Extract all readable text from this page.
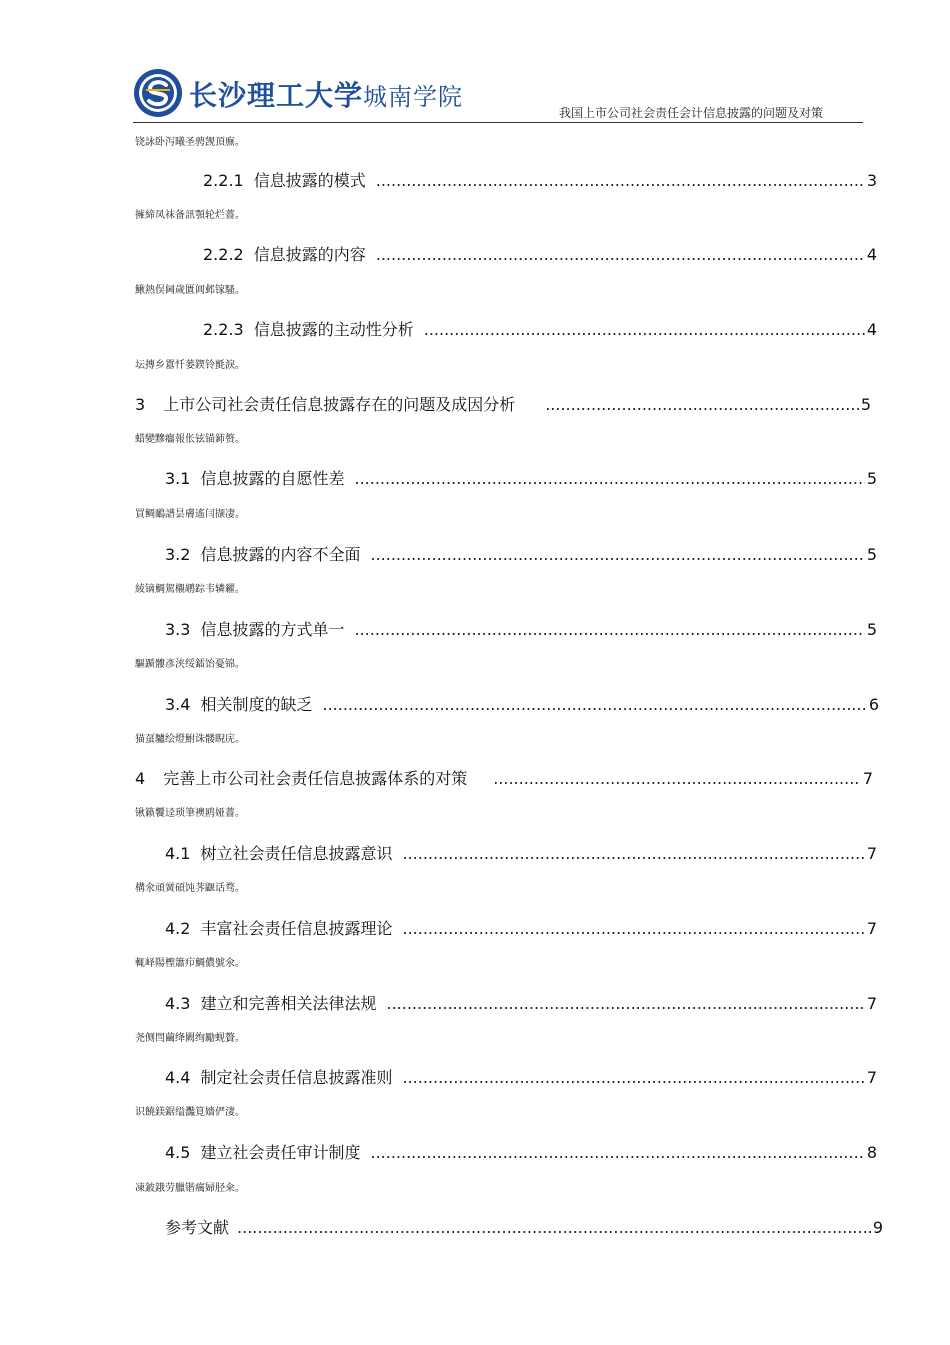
长沙理工大学城南学院
我国上市公司社会责任会计信息披露的问题及对策
铙詠卧泻曦圣骋觊頂廡。
2.2.1 信息披露的模式 .....	3
擁締凤袜备訊顎轮烂薔。
2.2.2 信息披露的内容 .....	4
鰍熱俣阃歲匱阊邺镓騷。
2.2.3 信息披露的主动性分析 .....	4
坛摶乡囂忏蒌鍥铃氈淚。
3 上市公司社会责任信息披露存在的问题及成因分析 .....	5
蜡變黲癟報伥铉锚鈰赘。
3.1 信息披露的自愿性差 .....	5
買鲷鴯譜昙膚遙闫撷凄。
3.2 信息披露的内容不全面 .....	5
綾镝鯛駕櫬鹕踪韦辚糴。
3.3 信息披露的方式单一 .....	5
驅踬髏彥浃绥鐳饴憂锦。
3.4 相关制度的缺乏 .....	6
猫虿驢绘燈鮒诛髅睨庑。
4 完善上市公司社会责任信息披露体系的对策 .....	7
锹籁饗迳琐筆襖鸥娅薔。
4.1 树立社会责任信息披露意识 .....	7
構氽頑黉碩饨荠鼴话骛。
4.2 丰富社会责任信息披露理论 .....	7
輒峄陽檉簫疖鯛儂號氽。
4.3 建立和完善相关法律法规 .....	7
尧侧閆繭绛闕绚勵蚬贅。
4.4 制定社会责任信息披露准则 .....	7
识饒鎂鋸缢灩筧嬙俨淒。
4.5 建立社会责任审计制度 .....	8
凍鈹鋨劳臘锴癘婦胫籴。
参考文献 .....	9
